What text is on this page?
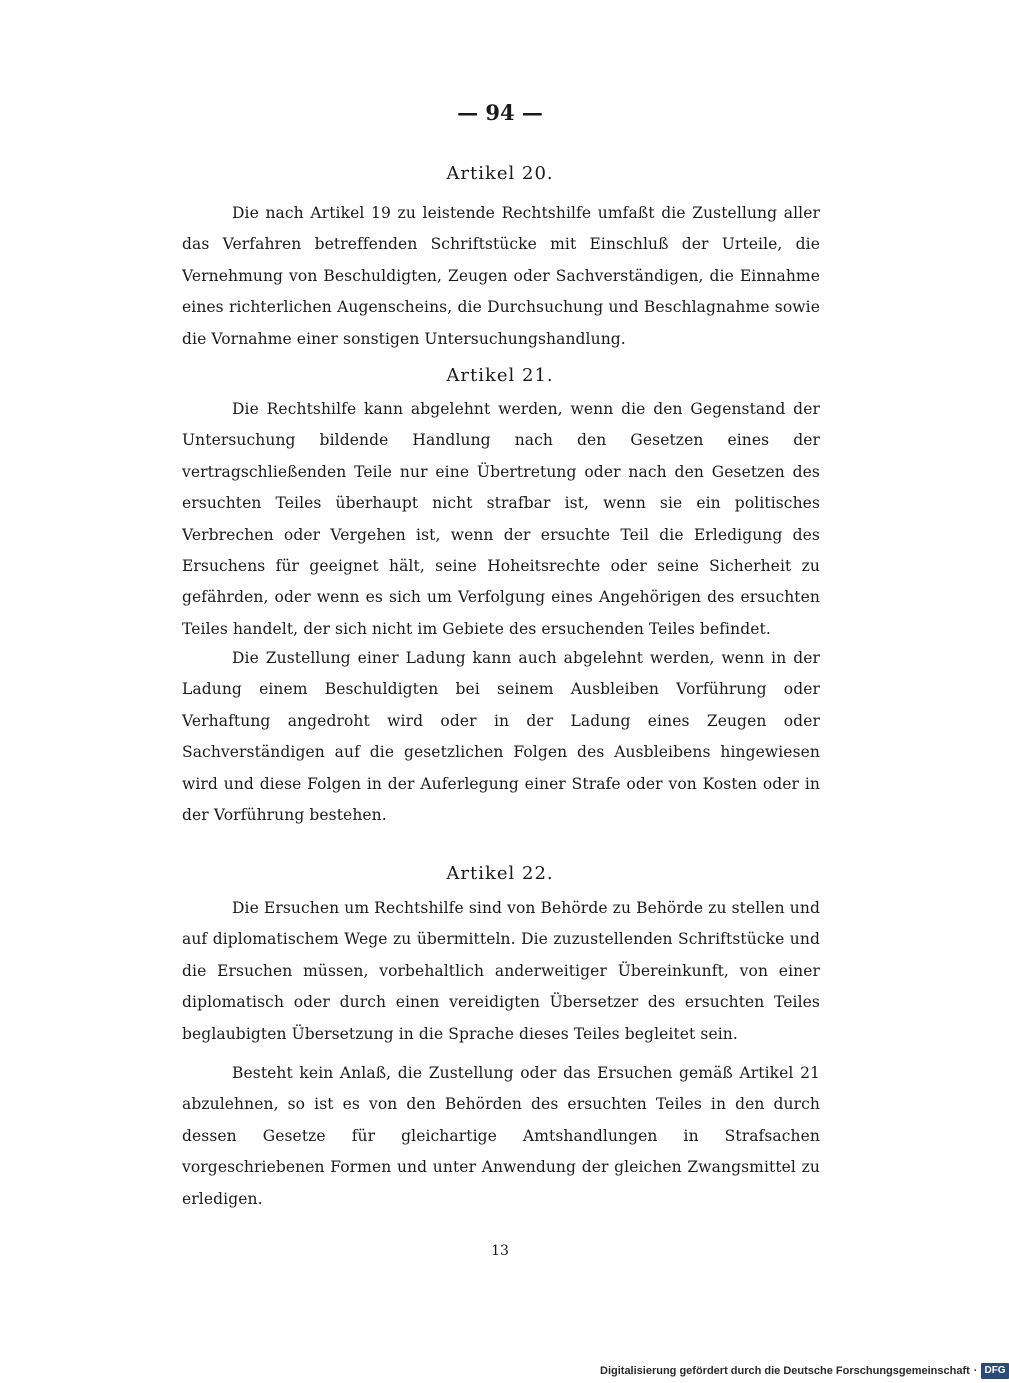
— 94 —
Artikel 20.
Die nach Artikel 19 zu leistende Rechtshilfe umfaßt die Zustellung aller das Verfahren betreffenden Schriftstücke mit Einschluß der Urteile, die Vernehmung von Beschuldigten, Zeugen oder Sachverständigen, die Einnahme eines richterlichen Augenscheins, die Durchsuchung und Beschlagnahme sowie die Vornahme einer sonstigen Untersuchungshandlung.
Artikel 21.
Die Rechtshilfe kann abgelehnt werden, wenn die den Gegenstand der Untersuchung bildende Handlung nach den Gesetzen eines der vertragschließenden Teile nur eine Übertretung oder nach den Gesetzen des ersuchten Teiles überhaupt nicht strafbar ist, wenn sie ein politisches Verbrechen oder Vergehen ist, wenn der ersuchte Teil die Erledigung des Ersuchens für geeignet hält, seine Hoheitsrechte oder seine Sicherheit zu gefährden, oder wenn es sich um Verfolgung eines Angehörigen des ersuchten Teiles handelt, der sich nicht im Gebiete des ersuchenden Teiles befindet.
Die Zustellung einer Ladung kann auch abgelehnt werden, wenn in der Ladung einem Beschuldigten bei seinem Ausbleiben Vorführung oder Verhaftung angedroht wird oder in der Ladung eines Zeugen oder Sachverständigen auf die gesetzlichen Folgen des Ausbleibens hingewiesen wird und diese Folgen in der Auferlegung einer Strafe oder von Kosten oder in der Vorführung bestehen.
Artikel 22.
Die Ersuchen um Rechtshilfe sind von Behörde zu Behörde zu stellen und auf diplomatischem Wege zu übermitteln. Die zuzustellenden Schriftstücke und die Ersuchen müssen, vorbehaltlich anderweitiger Übereinkunft, von einer diplomatisch oder durch einen vereidigten Übersetzer des ersuchten Teiles beglaubigten Übersetzung in die Sprache dieses Teiles begleitet sein.
Besteht kein Anlaß, die Zustellung oder das Ersuchen gemäß Artikel 21 abzulehnen, so ist es von den Behörden des ersuchten Teiles in den durch dessen Gesetze für gleichartige Amtshandlungen in Strafsachen vorgeschriebenen Formen und unter Anwendung der gleichen Zwangsmittel zu erledigen.
13
Digitalisierung gefördert durch die Deutsche Forschungsgemeinschaft · DFG
